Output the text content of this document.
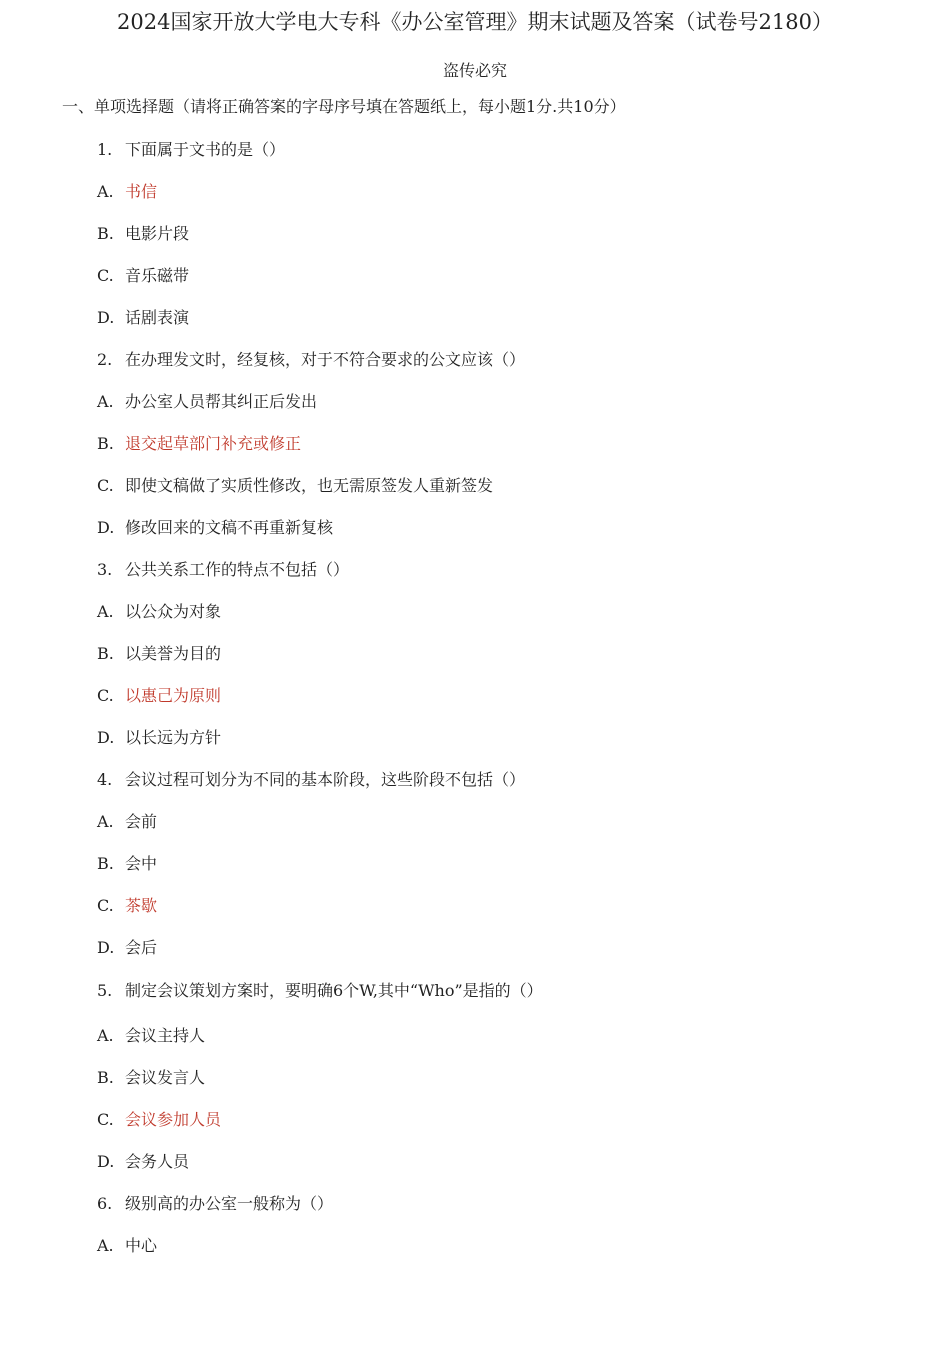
2024国家开放大学电大专科《办公室管理》期末试题及答案（试卷号2180）
盗传必究
一、单项选择题（请将正确答案的字母序号填在答题纸上，每小题1分.共10分）
1. 下面属于文书的是（）
A. 书信
B. 电影片段
C. 音乐磁带
D. 话剧表演
2. 在办理发文时，经复核，对于不符合要求的公文应该（）
A. 办公室人员帮其纠正后发出
B. 退交起草部门补充或修正
C. 即使文稿做了实质性修改，也无需原签发人重新签发
D. 修改回来的文稿不再重新复核
3. 公共关系工作的特点不包括（）
A. 以公众为对象
B. 以美誉为目的
C. 以惠己为原则
D. 以长远为方针
4. 会议过程可划分为不同的基本阶段，这些阶段不包括（）
A. 会前
B. 会中
C. 茶歇
D. 会后
5. 制定会议策划方案时，要明确6个W,其中“Who”是指的（）
A. 会议主持人
B. 会议发言人
C. 会议参加人员
D. 会务人员
6. 级别高的办公室一般称为（）
A. 中心
